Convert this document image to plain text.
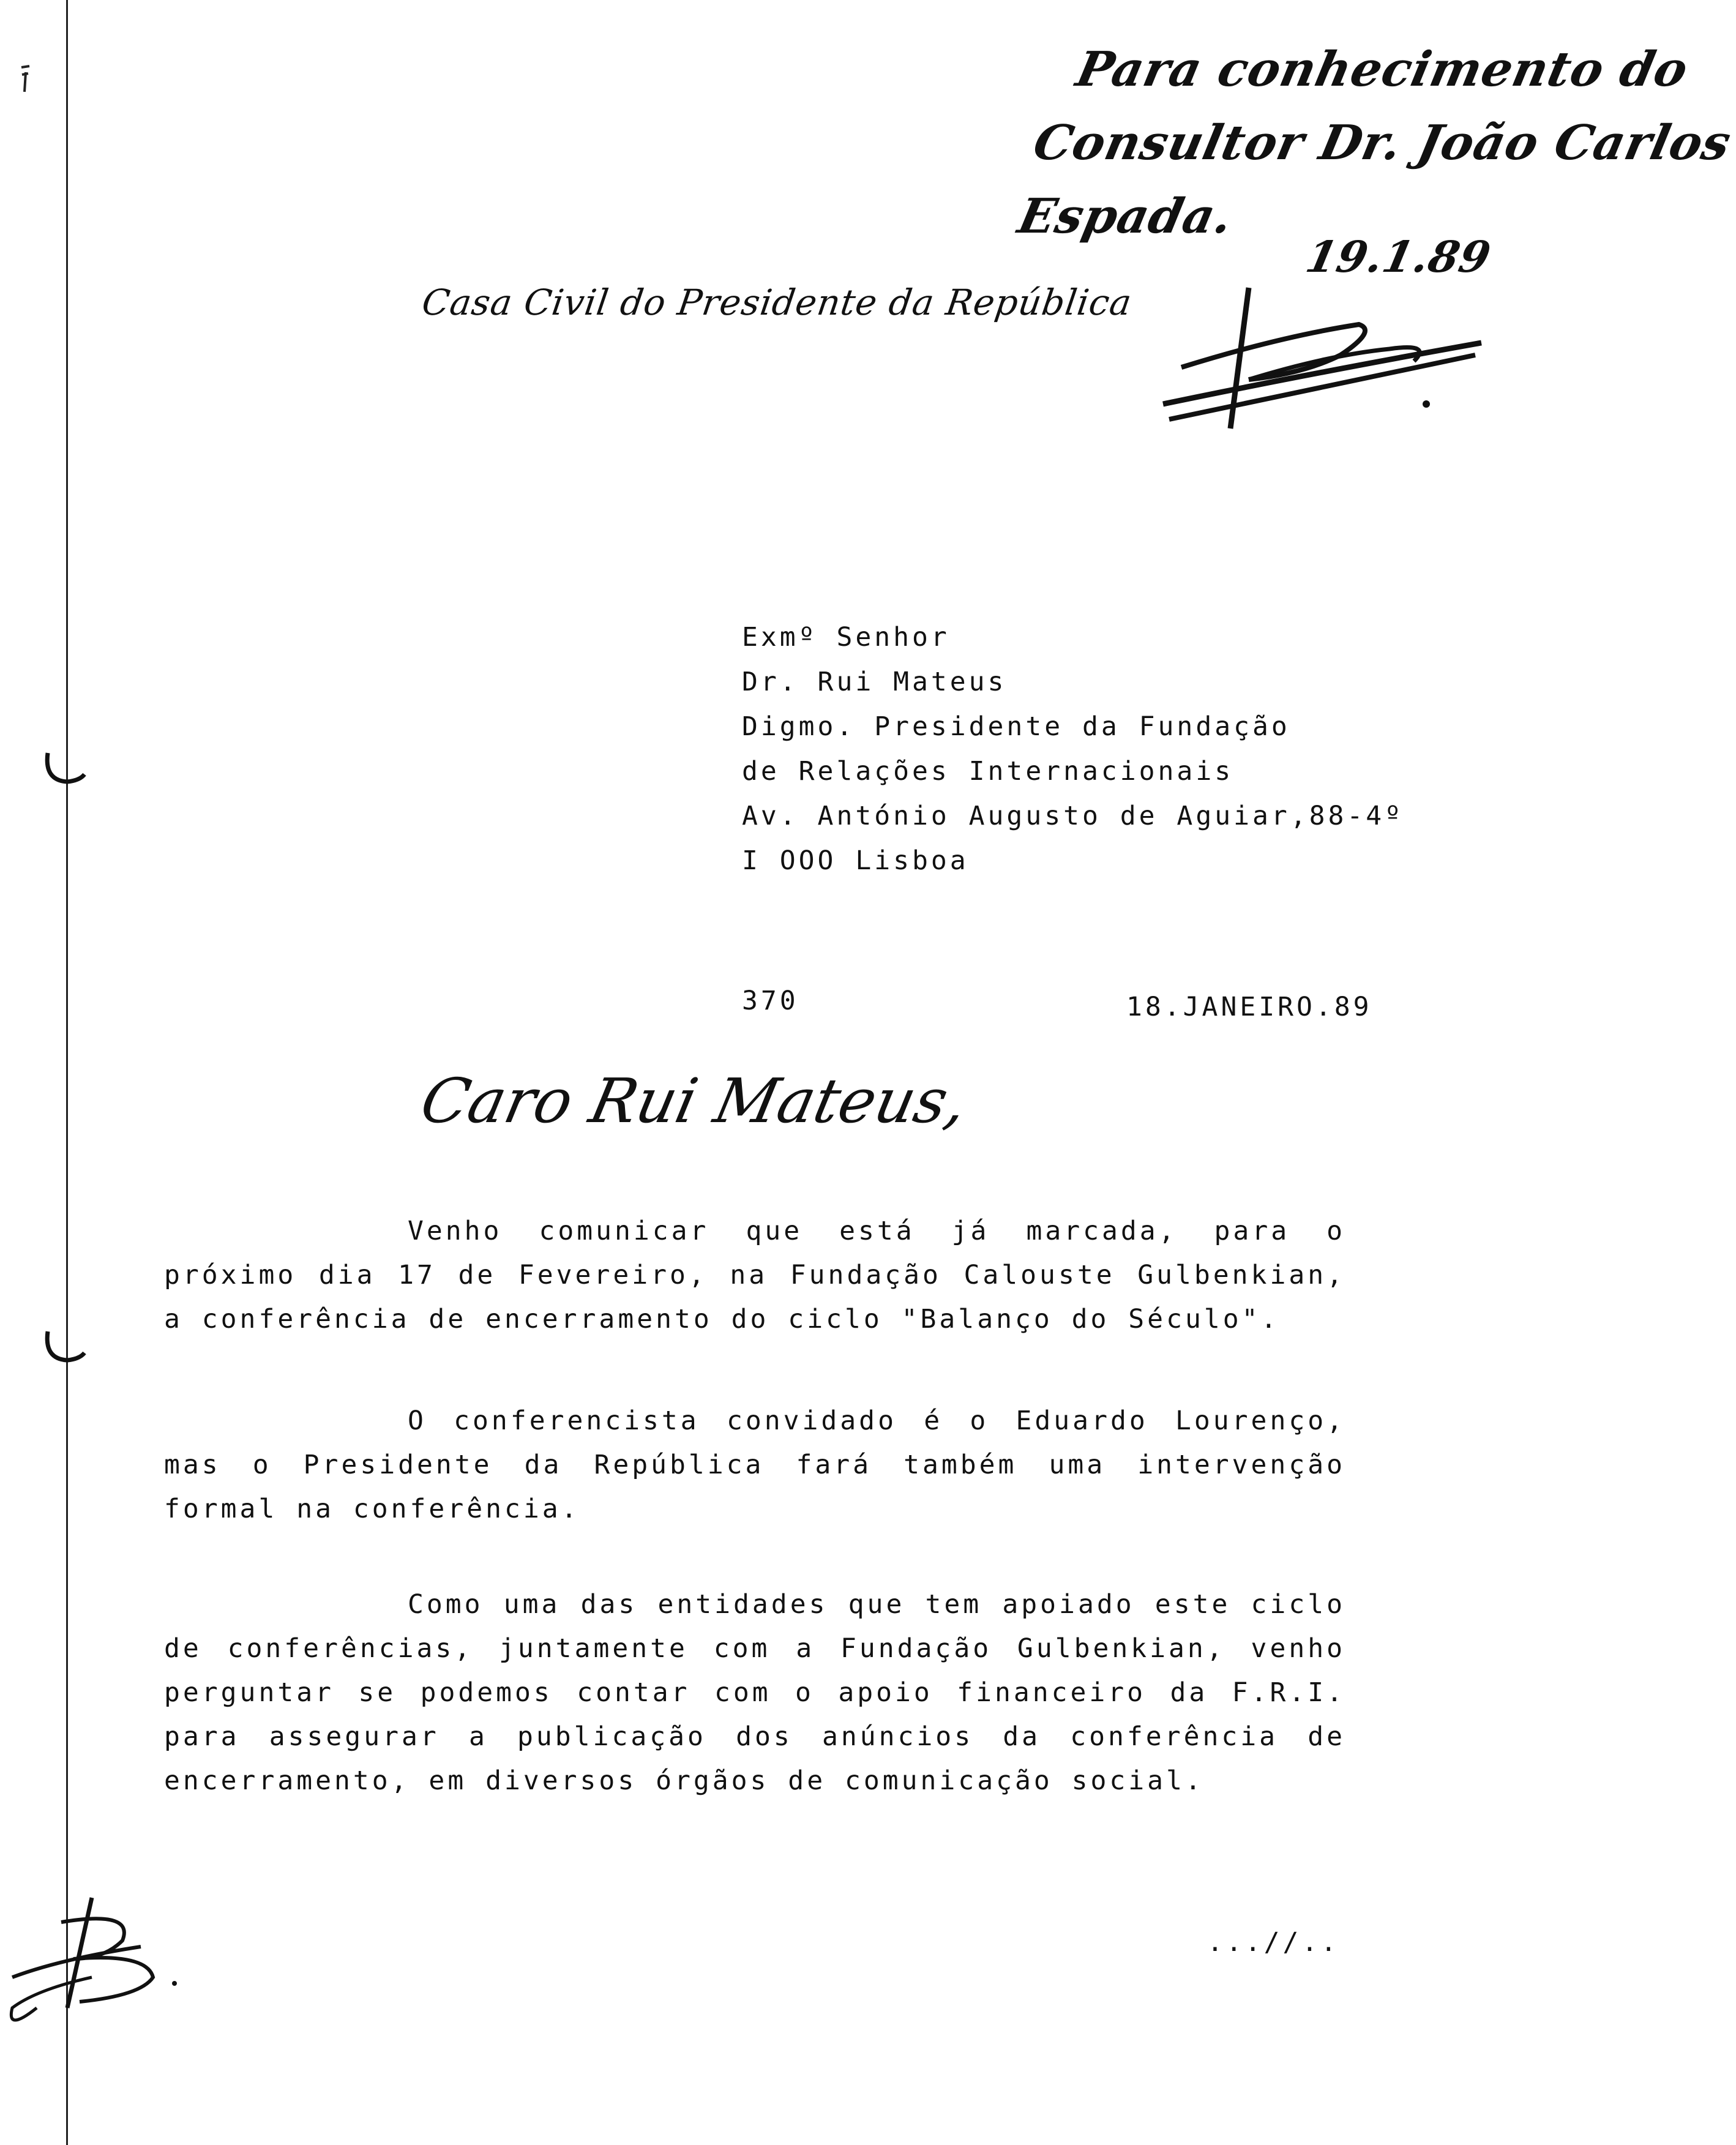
Para conhecimento do
Consultor Dr. João Carlos
Espada.
19.1.89
Casa Civil do Presidente da República
Exmº Senhor
Dr. Rui Mateus
Digmo. Presidente da Fundação
de Relações Internacionais
Av. António Augusto de Aguiar,88-4º
I OOO Lisboa
370	18.JANEIRO.89
Caro Rui Mateus,
Venho comunicar que está já marcada, para o próximo dia 17 de Fevereiro, na Fundação Calouste Gulbenkian, a conferência de encerramento do ciclo "Balanço do Século".
O conferencista convidado é o Eduardo Lourenço, mas o Presidente da República fará também uma intervenção formal na conferência.
Como uma das entidades que tem apoiado este ciclo de conferências, juntamente com a Fundação Gulbenkian, venho perguntar se podemos contar com o apoio financeiro da F.R.I. para assegurar a publicação dos anúncios da conferência de encerramento, em diversos órgãos de comunicação social.
...//..
